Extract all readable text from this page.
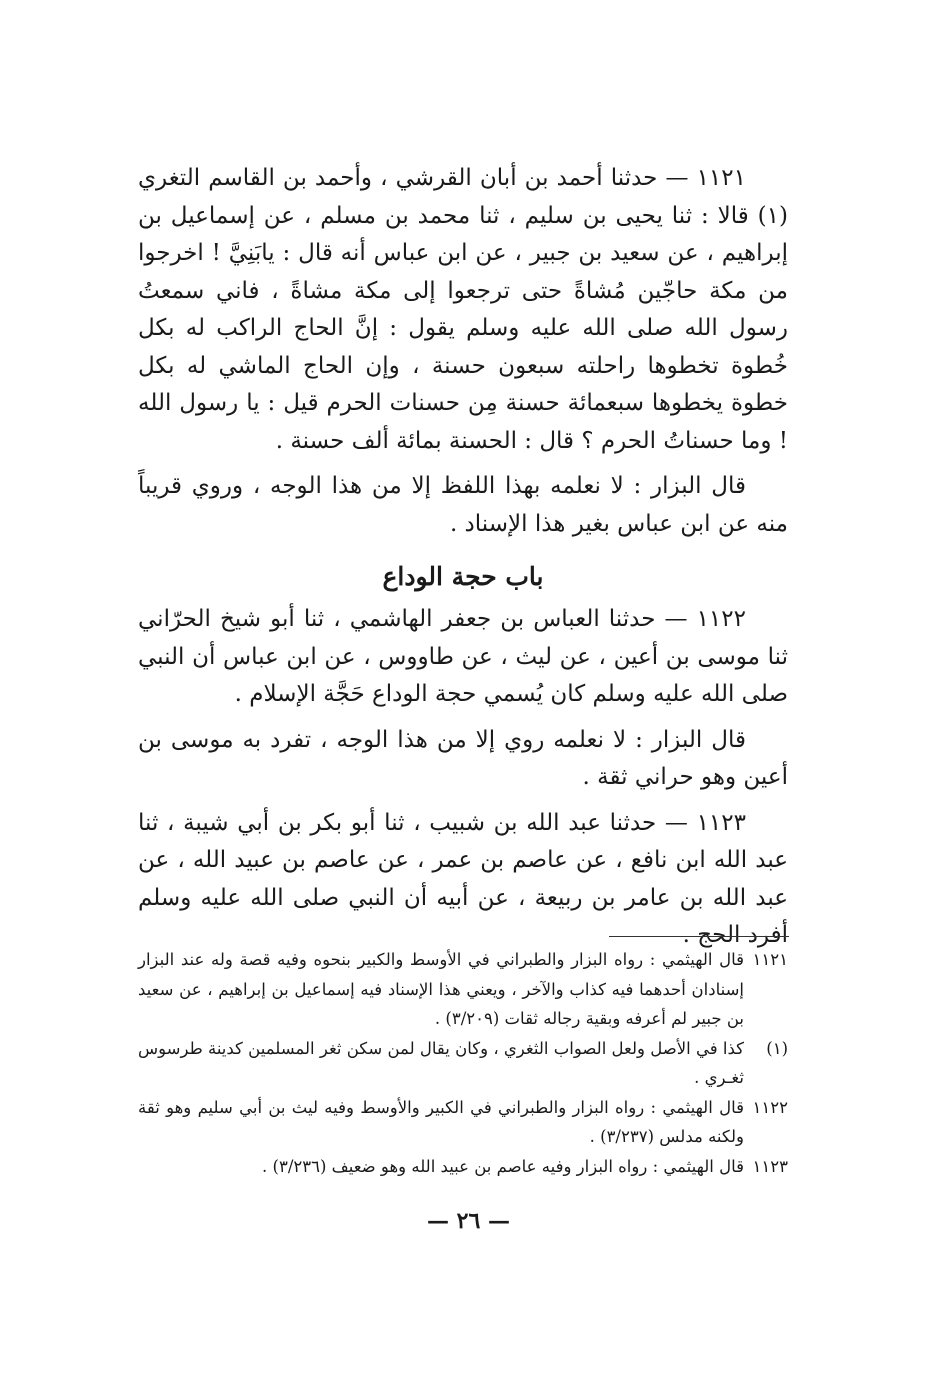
١١٢١ — حدثنا أحمد بن أبان القرشي ، وأحمد بن القاسم التغري (١) قالا : ثنا يحيى بن سليم ، ثنا محمد بن مسلم ، عن إسماعيل بن إبراهيم ، عن سعيد بن جبير ، عن ابن عباس أنه قال : يابَنِيَّ ! اخرجوا من مكة حاجّين مُشاةً حتى ترجعوا إلى مكة مشاةً ، فاني سمعتُ رسول الله صلى الله عليه وسلم يقول : إنَّ الحاج الراكب له بكل خُطوة تخطوها راحلته سبعون حسنة ، وإن الحاج الماشي له بكل خطوة يخطوها سبعمائة حسنة مِن حسنات الحرم قيل : يا رسول الله ! وما حسناتُ الحرم ؟ قال : الحسنة بمائة ألف حسنة .

قال البزار : لا نعلمه بهذا اللفظ إلا من هذا الوجه ، وروي قريباً منه عن ابن عباس بغير هذا الإسناد .

باب حجة الوداع

١١٢٢ — حدثنا العباس بن جعفر الهاشمي ، ثنا أبو شيخ الحرّاني ثنا موسى بن أعين ، عن ليث ، عن طاووس ، عن ابن عباس أن النبي صلى الله عليه وسلم كان يُسمي حجة الوداع حَجَّة الإسلام .

قال البزار : لا نعلمه روي إلا من هذا الوجه ، تفرد به موسى بن أعين وهو حراني ثقة .

١١٢٣ — حدثنا عبد الله بن شبيب ، ثنا أبو بكر بن أبي شيبة ، ثنا عبد الله ابن نافع ، عن عاصم بن عمر ، عن عاصم بن عبيد الله ، عن عبد الله بن عامر بن ربيعة ، عن أبيه أن النبي صلى الله عليه وسلم أفرد الحج .

١١٢١
قال الهيثمي : رواه البزار والطبراني في الأوسط والكبير بنحوه وفيه قصة وله عند البزار إسنادان أحدهما فيه كذاب والآخر ، ويعني هذا الإسناد فيه إسماعيل بن إبراهيم ، عن سعيد بن جبير لم أعرفه وبقية رجاله ثقات (٣/٢٠٩) .
(١)
كذا في الأصل ولعل الصواب الثغري ، وكان يقال لمن سكن ثغر المسلمين كدينة طرسوس ثغـري .
١١٢٢
قال الهيثمي : رواه البزار والطبراني في الكبير والأوسط وفيه ليث بن أبي سليم وهو ثقة ولكنه مدلس (٣/٢٣٧) .
١١٢٣
قال الهيثمي : رواه البزار وفيه عاصم بن عبيد الله وهو ضعيف (٣/٢٣٦) .
— ٢٦ —
